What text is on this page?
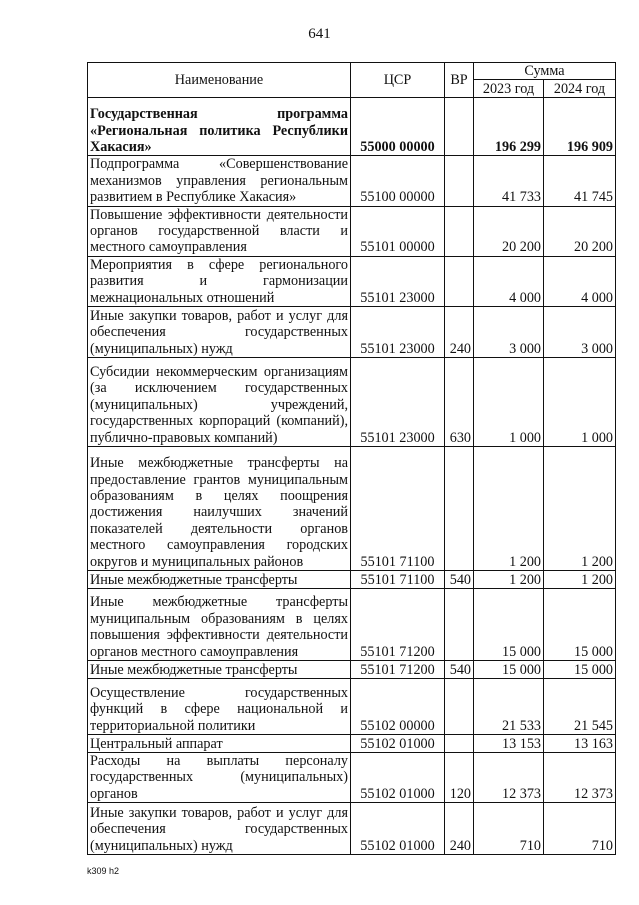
641
Наименование	ЦСР	ВР	Сумма	
			2023 год	2024 год
Государственная программа «Региональная политика Республики Хакасия»	55000 00000		196 299	196 909
Подпрограмма «Совершенствование механизмов управления региональным развитием в Республике Хакасия»	55100 00000		41 733	41 745
Повышение эффективности деятельности органов государственной власти и местного самоуправления	55101 00000		20 200	20 200
Мероприятия в сфере регионального развития и гармонизации межнациональных отношений	55101 23000		4 000	4 000
Иные закупки товаров, работ и услуг для обеспечения государственных (муниципальных) нужд	55101 23000	240	3 000	3 000
Субсидии некоммерческим организациям (за исключением государственных (муниципальных) учреждений, государственных корпораций (компаний), публично-правовых компаний)	55101 23000	630	1 000	1 000
Иные межбюджетные трансферты на предоставление грантов муниципальным образованиям в целях поощрения достижения наилучших значений показателей деятельности органов местного самоуправления городских округов и муниципальных районов	55101 71100		1 200	1 200
Иные межбюджетные трансферты	55101 71100	540	1 200	1 200
Иные межбюджетные трансферты муниципальным образованиям в целях повышения эффективности деятельности органов местного самоуправления	55101 71200		15 000	15 000
Иные межбюджетные трансферты	55101 71200	540	15 000	15 000
Осуществление государственных функций в сфере национальной и территориальной политики	55102 00000		21 533	21 545
Центральный аппарат	55102 01000		13 153	13 163
Расходы на выплаты персоналу государственных (муниципальных) органов	55102 01000	120	12 373	12 373
Иные закупки товаров, работ и услуг для обеспечения государственных (муниципальных) нужд	55102 01000	240	710	710
k309 h2
